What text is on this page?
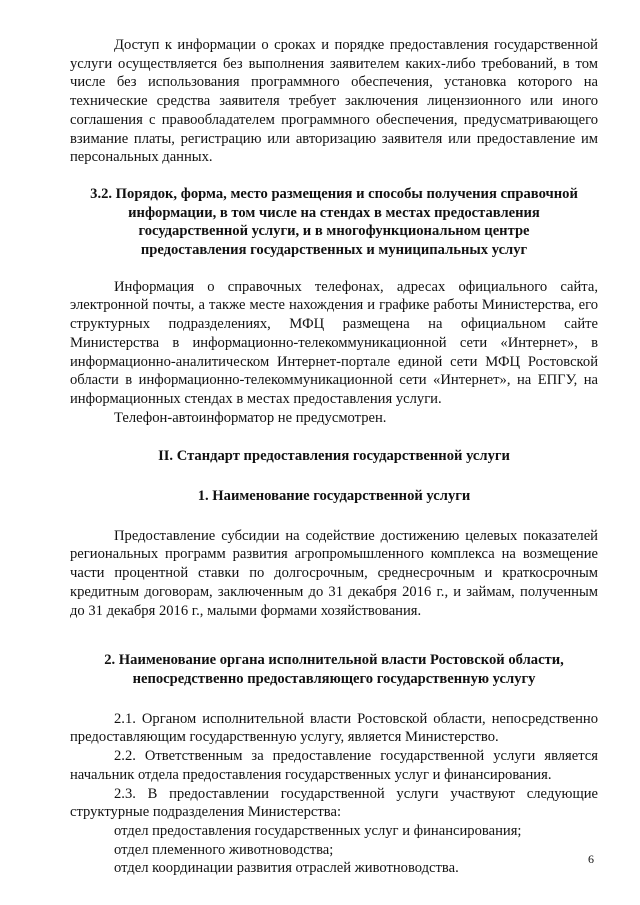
Доступ к информации о сроках и порядке предоставления государственной услуги осуществляется без выполнения заявителем каких-либо требований, в том числе без использования программного обеспечения, установка которого на технические средства заявителя требует заключения лицензионного или иного соглашения с правообладателем программного обеспечения, предусматривающего взимание платы, регистрацию или авторизацию заявителя или предоставление им персональных данных.

3.2. Порядок, форма, место размещения и способы получения справочной информации, в том числе на стендах в местах предоставления государственной услуги, и в многофункциональном центре предоставления государственных и муниципальных услуг

Информация о справочных телефонах, адресах официального сайта, электронной почты, а также месте нахождения и графике работы Министерства, его структурных подразделениях, МФЦ размещена на официальном сайте Министерства в информационно-телекоммуникационной сети «Интернет», в информационно-аналитическом Интернет-портале единой сети МФЦ Ростовской области в информационно-телекоммуникационной сети «Интернет», на ЕПГУ, на информационных стендах в местах предоставления услуги.

Телефон-автоинформатор не предусмотрен.

II. Стандарт предоставления государственной услуги

1. Наименование государственной услуги

Предоставление субсидии на содействие достижению целевых показателей региональных программ развития агропромышленного комплекса на возмещение части процентной ставки по долгосрочным, среднесрочным и краткосрочным кредитным договорам, заключенным до 31 декабря 2016 г., и займам, полученным до 31 декабря 2016 г., малыми формами хозяйствования.

2. Наименование органа исполнительной власти Ростовской области, непосредственно предоставляющего государственную услугу

2.1. Органом исполнительной власти Ростовской области, непосредственно предоставляющим государственную услугу, является Министерство.

2.2. Ответственным за предоставление государственной услуги является начальник отдела предоставления государственных услуг и финансирования.

2.3. В предоставлении государственной услуги участвуют следующие структурные подразделения Министерства:

отдел предоставления государственных услуг и финансирования;

отдел племенного животноводства;

отдел координации развития отраслей животноводства.

6
